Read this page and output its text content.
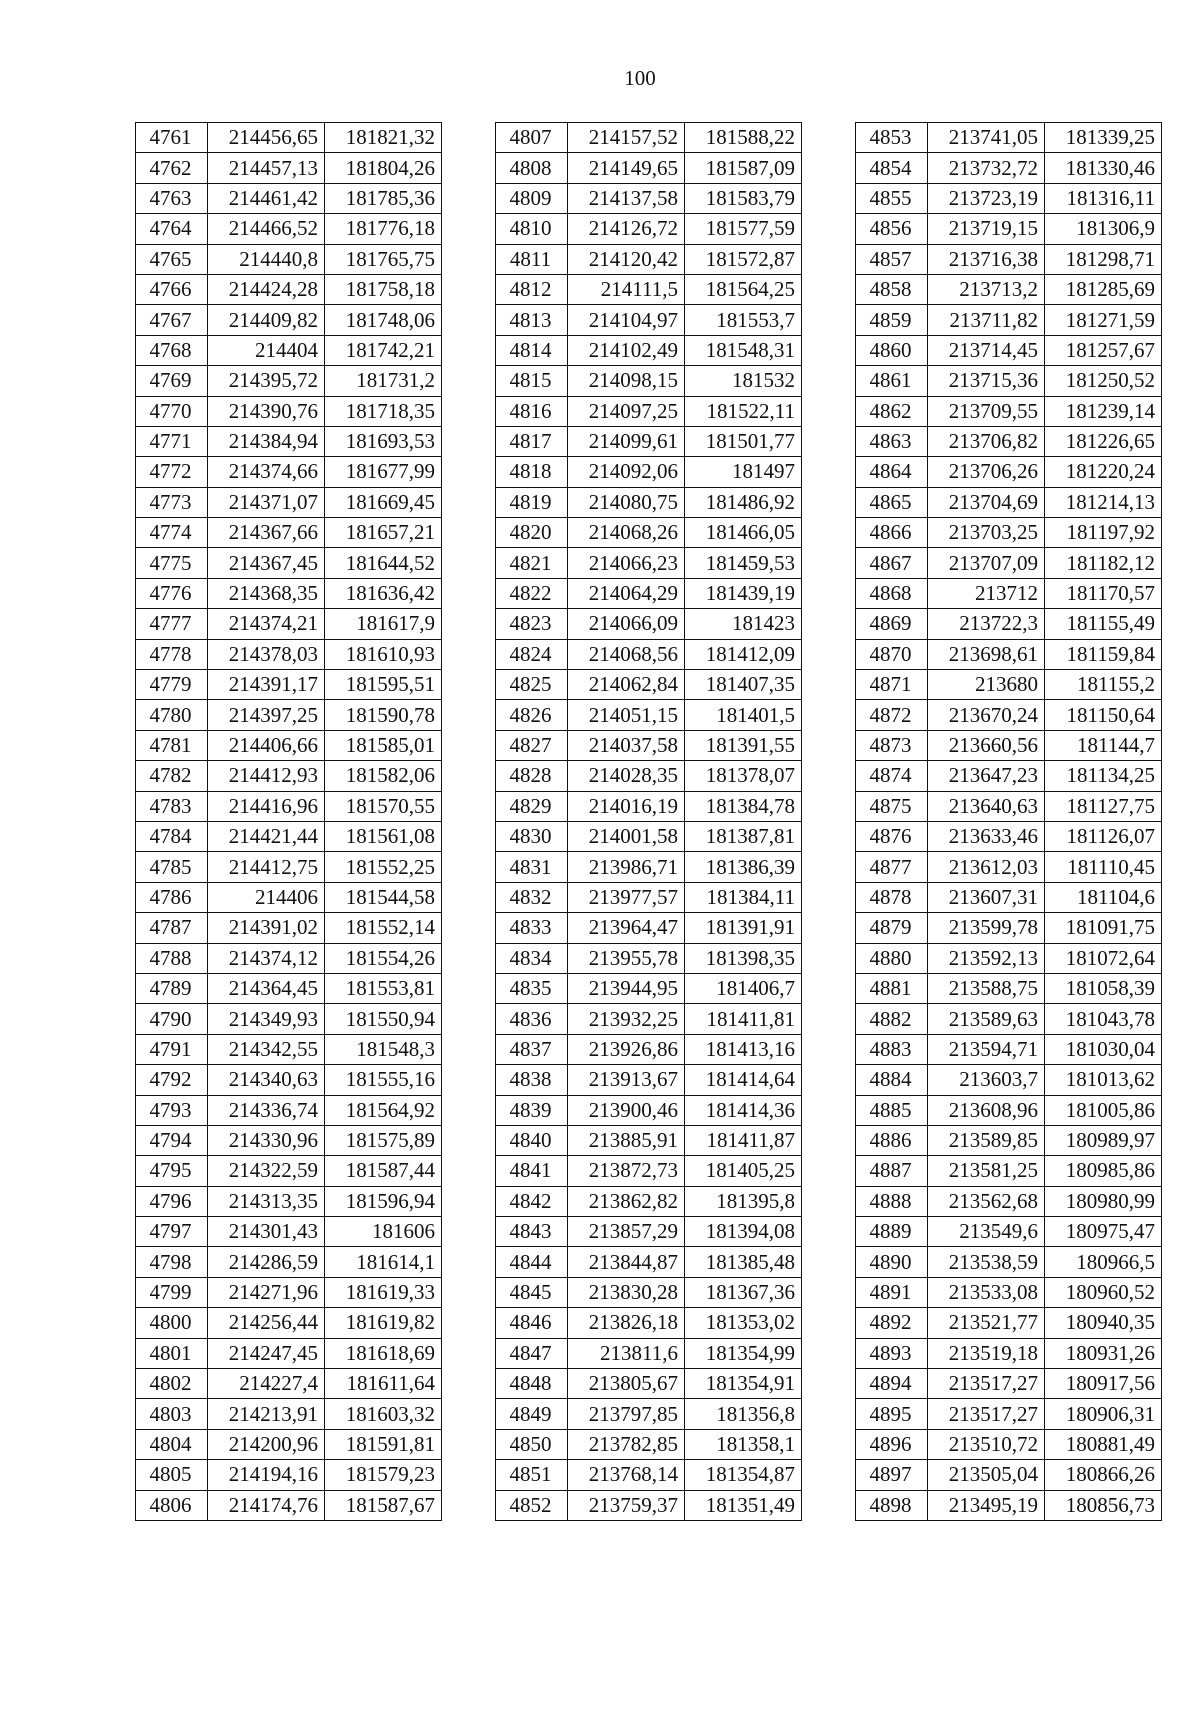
100
4761	214456,65	181821,32
4762	214457,13	181804,26
4763	214461,42	181785,36
4764	214466,52	181776,18
4765	214440,8	181765,75
4766	214424,28	181758,18
4767	214409,82	181748,06
4768	214404	181742,21
4769	214395,72	181731,2
4770	214390,76	181718,35
4771	214384,94	181693,53
4772	214374,66	181677,99
4773	214371,07	181669,45
4774	214367,66	181657,21
4775	214367,45	181644,52
4776	214368,35	181636,42
4777	214374,21	181617,9
4778	214378,03	181610,93
4779	214391,17	181595,51
4780	214397,25	181590,78
4781	214406,66	181585,01
4782	214412,93	181582,06
4783	214416,96	181570,55
4784	214421,44	181561,08
4785	214412,75	181552,25
4786	214406	181544,58
4787	214391,02	181552,14
4788	214374,12	181554,26
4789	214364,45	181553,81
4790	214349,93	181550,94
4791	214342,55	181548,3
4792	214340,63	181555,16
4793	214336,74	181564,92
4794	214330,96	181575,89
4795	214322,59	181587,44
4796	214313,35	181596,94
4797	214301,43	181606
4798	214286,59	181614,1
4799	214271,96	181619,33
4800	214256,44	181619,82
4801	214247,45	181618,69
4802	214227,4	181611,64
4803	214213,91	181603,32
4804	214200,96	181591,81
4805	214194,16	181579,23
4806	214174,76	181587,67
4807	214157,52	181588,22
4808	214149,65	181587,09
4809	214137,58	181583,79
4810	214126,72	181577,59
4811	214120,42	181572,87
4812	214111,5	181564,25
4813	214104,97	181553,7
4814	214102,49	181548,31
4815	214098,15	181532
4816	214097,25	181522,11
4817	214099,61	181501,77
4818	214092,06	181497
4819	214080,75	181486,92
4820	214068,26	181466,05
4821	214066,23	181459,53
4822	214064,29	181439,19
4823	214066,09	181423
4824	214068,56	181412,09
4825	214062,84	181407,35
4826	214051,15	181401,5
4827	214037,58	181391,55
4828	214028,35	181378,07
4829	214016,19	181384,78
4830	214001,58	181387,81
4831	213986,71	181386,39
4832	213977,57	181384,11
4833	213964,47	181391,91
4834	213955,78	181398,35
4835	213944,95	181406,7
4836	213932,25	181411,81
4837	213926,86	181413,16
4838	213913,67	181414,64
4839	213900,46	181414,36
4840	213885,91	181411,87
4841	213872,73	181405,25
4842	213862,82	181395,8
4843	213857,29	181394,08
4844	213844,87	181385,48
4845	213830,28	181367,36
4846	213826,18	181353,02
4847	213811,6	181354,99
4848	213805,67	181354,91
4849	213797,85	181356,8
4850	213782,85	181358,1
4851	213768,14	181354,87
4852	213759,37	181351,49
4853	213741,05	181339,25
4854	213732,72	181330,46
4855	213723,19	181316,11
4856	213719,15	181306,9
4857	213716,38	181298,71
4858	213713,2	181285,69
4859	213711,82	181271,59
4860	213714,45	181257,67
4861	213715,36	181250,52
4862	213709,55	181239,14
4863	213706,82	181226,65
4864	213706,26	181220,24
4865	213704,69	181214,13
4866	213703,25	181197,92
4867	213707,09	181182,12
4868	213712	181170,57
4869	213722,3	181155,49
4870	213698,61	181159,84
4871	213680	181155,2
4872	213670,24	181150,64
4873	213660,56	181144,7
4874	213647,23	181134,25
4875	213640,63	181127,75
4876	213633,46	181126,07
4877	213612,03	181110,45
4878	213607,31	181104,6
4879	213599,78	181091,75
4880	213592,13	181072,64
4881	213588,75	181058,39
4882	213589,63	181043,78
4883	213594,71	181030,04
4884	213603,7	181013,62
4885	213608,96	181005,86
4886	213589,85	180989,97
4887	213581,25	180985,86
4888	213562,68	180980,99
4889	213549,6	180975,47
4890	213538,59	180966,5
4891	213533,08	180960,52
4892	213521,77	180940,35
4893	213519,18	180931,26
4894	213517,27	180917,56
4895	213517,27	180906,31
4896	213510,72	180881,49
4897	213505,04	180866,26
4898	213495,19	180856,73
